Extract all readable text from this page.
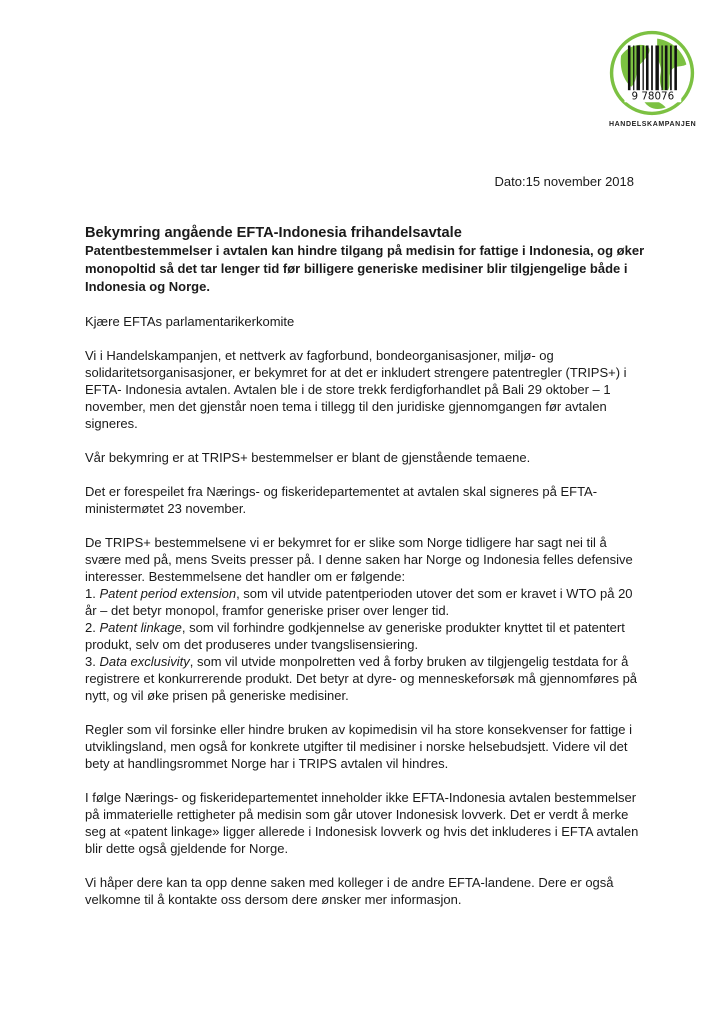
9 78076
HANDELSKAMPANJEN
Dato:15 november 2018
Bekymring angående EFTA-Indonesia frihandelsavtale
Patentbestemmelser i avtalen kan hindre tilgang på medisin for fattige i Indonesia, og øker monopoltid så det tar lenger tid før billigere generiske medisiner blir tilgjengelige både i Indonesia og Norge.

Kjære EFTAs parlamentarikerkomite

Vi i Handelskampanjen, et nettverk av fagforbund, bondeorganisasjoner, miljø- og solidaritetsorganisasjoner, er bekymret for at det er inkludert strengere patentregler (TRIPS+) i EFTA- Indonesia avtalen. Avtalen ble i de store trekk ferdigforhandlet på Bali 29 oktober – 1 november, men det gjenstår noen tema i tillegg til den juridiske gjennomgangen før avtalen signeres.

Vår bekymring er at TRIPS+ bestemmelser er blant de gjenstående temaene.

Det er forespeilet fra Nærings- og fiskeridepartementet at avtalen skal signeres på EFTA-ministermøtet 23 november.

De TRIPS+ bestemmelsene vi er bekymret for er slike som Norge tidligere har sagt nei til å svære med på, mens Sveits presser på. I denne saken har Norge og Indonesia felles defensive interesser. Bestemmelsene det handler om er følgende:

1. Patent period extension, som vil utvide patentperioden utover det som er kravet i WTO på 20 år – det betyr monopol, framfor generiske priser over lenger tid.

2. Patent linkage, som vil forhindre godkjennelse av generiske produkter knyttet til et patentert produkt, selv om det produseres under tvangslisensiering.

3. Data exclusivity, som vil utvide monpolretten ved å forby bruken av tilgjengelig testdata for å registrere et konkurrerende produkt. Det betyr at dyre- og menneskeforsøk må gjennomføres på nytt, og vil øke prisen på generiske medisiner.

Regler som vil forsinke eller hindre bruken av kopimedisin vil ha store konsekvenser for fattige i utviklingsland, men også for konkrete utgifter til medisiner i norske helsebudsjett. Videre vil det bety at handlingsrommet Norge har i TRIPS avtalen vil hindres.

I følge Nærings- og fiskeridepartementet inneholder ikke EFTA-Indonesia avtalen bestemmelser på immaterielle rettigheter på medisin som går utover Indonesisk lovverk. Det er verdt å merke seg at «patent linkage» ligger allerede i Indonesisk lovverk og hvis det inkluderes i EFTA avtalen blir dette også gjeldende for Norge.

Vi håper dere kan ta opp denne saken med kolleger i de andre EFTA-landene. Dere er også velkomne til å kontakte oss dersom dere ønsker mer informasjon.
